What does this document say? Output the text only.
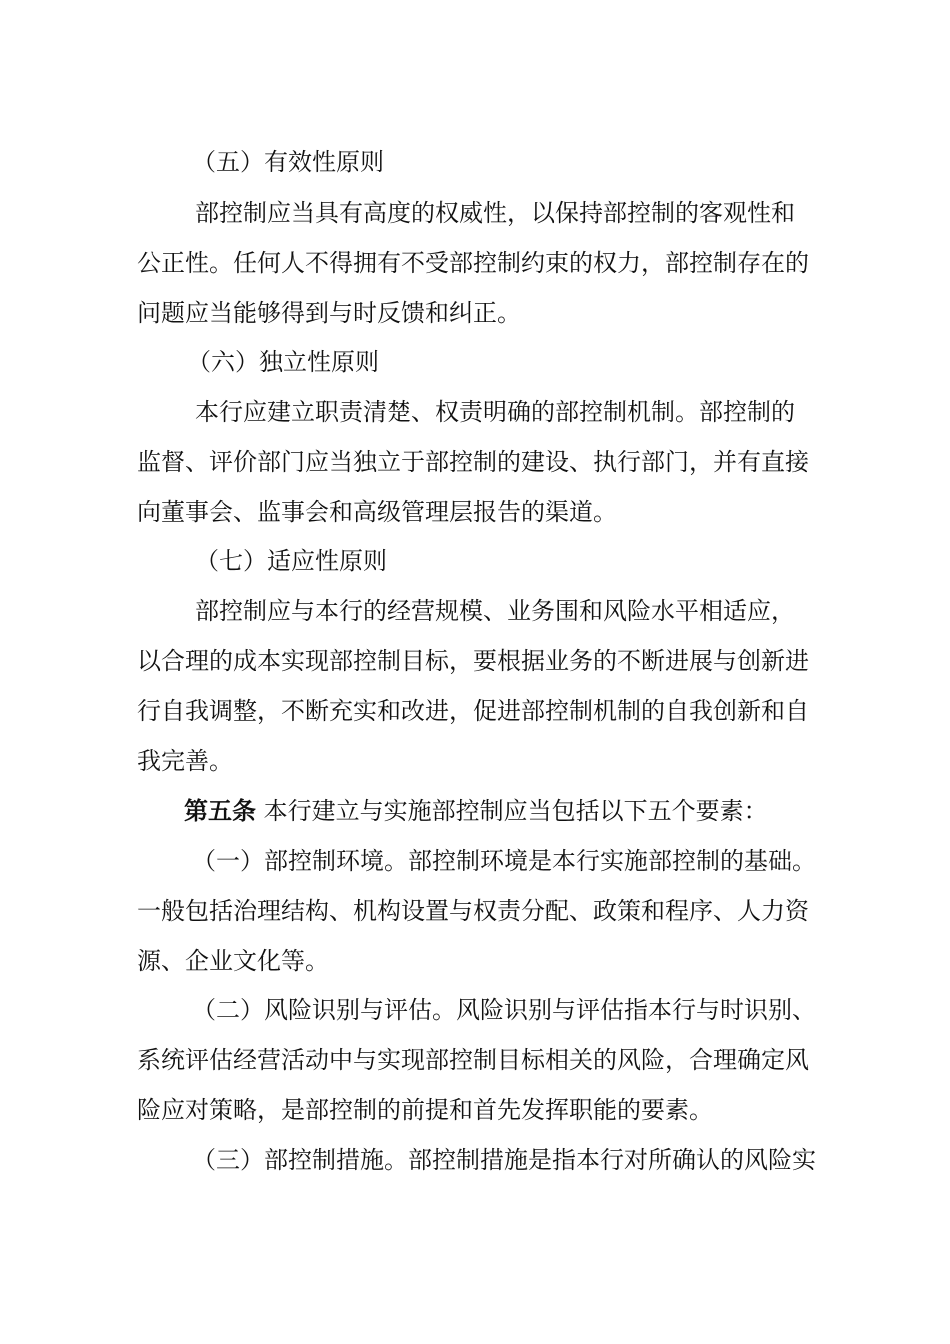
（五）有效性原则
部控制应当具有高度的权威性，以保持部控制的客观性和
公正性。任何人不得拥有不受部控制约束的权力，部控制存在的
问题应当能够得到与时反馈和纠正。
（六）独立性原则
本行应建立职责清楚、权责明确的部控制机制。部控制的
监督、评价部门应当独立于部控制的建设、执行部门，并有直接
向董事会、监事会和高级管理层报告的渠道。
（七）适应性原则
部控制应与本行的经营规模、业务围和风险水平相适应，
以合理的成本实现部控制目标，要根据业务的不断进展与创新进
行自我调整，不断充实和改进，促进部控制机制的自我创新和自
我完善。
第五条 本行建立与实施部控制应当包括以下五个要素：
（一）部控制环境。部控制环境是本行实施部控制的基础。
一般包括治理结构、机构设置与权责分配、政策和程序、人力资
源、企业文化等。
（二）风险识别与评估。风险识别与评估指本行与时识别、
系统评估经营活动中与实现部控制目标相关的风险，合理确定风
险应对策略，是部控制的前提和首先发挥职能的要素。
（三）部控制措施。部控制措施是指本行对所确认的风险实
